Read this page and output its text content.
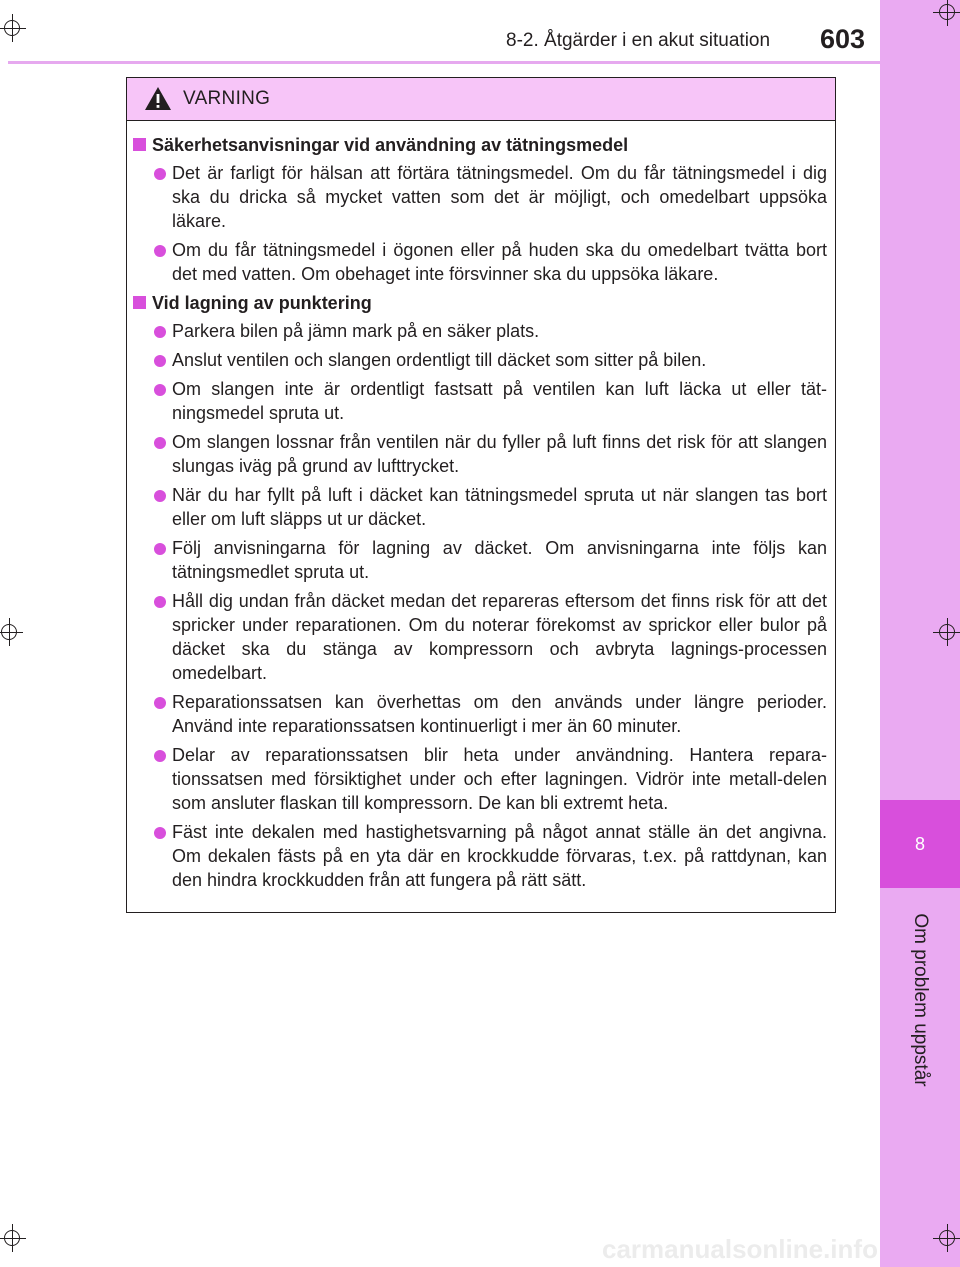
8-2. Åtgärder i en akut situation 603
8
Om problem uppstår
VARNING
Säkerhetsanvisningar vid användning av tätningsmedel
Det är farligt för hälsan att förtära tätningsmedel. Om du får tätningsmedel i dig ska du dricka så mycket vatten som det är möjligt, och omedelbart uppsöka läkare.
Om du får tätningsmedel i ögonen eller på huden ska du omedelbart tvätta bort det med vatten. Om obehaget inte försvinner ska du uppsöka läkare.
Vid lagning av punktering
Parkera bilen på jämn mark på en säker plats.
Anslut ventilen och slangen ordentligt till däcket som sitter på bilen.
Om slangen inte är ordentligt fastsatt på ventilen kan luft läcka ut eller tät-ningsmedel spruta ut.
Om slangen lossnar från ventilen när du fyller på luft finns det risk för att slangen slungas iväg på grund av lufttrycket.
När du har fyllt på luft i däcket kan tätningsmedel spruta ut när slangen tas bort eller om luft släpps ut ur däcket.
Följ anvisningarna för lagning av däcket. Om anvisningarna inte följs kan tätningsmedlet spruta ut.
Håll dig undan från däcket medan det repareras eftersom det finns risk för att det spricker under reparationen. Om du noterar förekomst av sprickor eller bulor på däcket ska du stänga av kompressorn och avbryta lagnings-processen omedelbart.
Reparationssatsen kan överhettas om den används under längre perioder. Använd inte reparationssatsen kontinuerligt i mer än 60 minuter.
Delar av reparationssatsen blir heta under användning. Hantera repara-tionssatsen med försiktighet under och efter lagningen. Vidrör inte metall-delen som ansluter flaskan till kompressorn. De kan bli extremt heta.
Fäst inte dekalen med hastighetsvarning på något annat ställe än det angivna. Om dekalen fästs på en yta där en krockkudde förvaras, t.ex. på rattdynan, kan den hindra krockkudden från att fungera på rätt sätt.
carmanualsonline.info
